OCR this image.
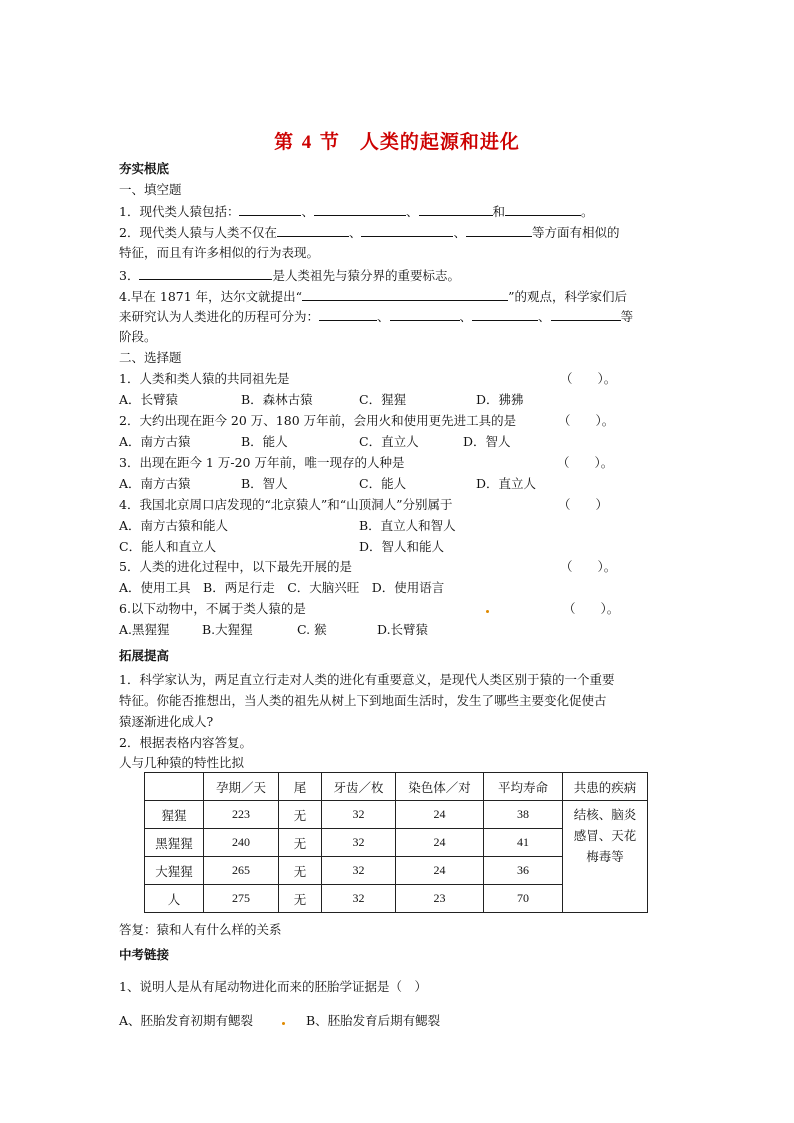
第 4 节　人类的起源和进化
夯实根底
一、填空题
1．现代类人猿包括：	、	、	和	。
2．现代类人猿与人类不仅在	、	、	等方面有相似的
特征，而且有许多相似的行为表现。
3．	是人类祖先与猿分界的重要标志。
4.早在 1871 年，达尔文就提出“	”的观点，科学家们后
来研究认为人类进化的历程可分为：	、	、	、	等
阶段。
二、选择题
1．人类和类人猿的共同祖先是	（　　）。
A．长臂猿	B．森林古猿	C．猩猩	D．狒狒
2．大约出现在距今 20 万、180 万年前，会用火和使用更先进工具的是	（　　）。
A．南方古猿	B．能人	C．直立人	D．智人
3．出现在距今 1 万-20 万年前，唯一现存的人种是	（　　）。
A．南方古猿	B．智人	C．能人	D．直立人
4．我国北京周口店发现的“北京猿人”和“山顶洞人”分别属于	（　　）
A．南方古猿和能人	B．直立人和智人
C．能人和直立人	D．智人和能人
5．人类的进化过程中，以下最先开展的是	（　　）。
A．使用工具　B．两足行走　C．大脑兴旺　D．使用语言
6.以下动物中，不属于类人猿的是	（　　）。
A.黑猩猩	B.大猩猩	C. 猴	D.长臂猿
拓展提高
1．科学家认为，两足直立行走对人类的进化有重要意义，是现代人类区别于猿的一个重要
特征。你能否推想出，当人类的祖先从树上下到地面生活时，发生了哪些主要变化促使古
猿逐渐进化成人?
2．根据表格内容答复。
人与几种猿的特性比拟
	孕期／天	尾	牙齿／枚	染色体／对	平均寿命	共患的疾病
猩猩	223	无	32	24	38	结核、脑炎
感冒、天花
梅毒等

黑猩猩	240	无	32	24	41	
大猩猩	265	无	32	24	36	
人	275	无	32	23	70	
答复：猿和人有什么样的关系
中考链接
1、说明人是从有尾动物进化而来的胚胎学证据是（　）
A、胚胎发育初期有鳃裂	B、胚胎发育后期有鳃裂
